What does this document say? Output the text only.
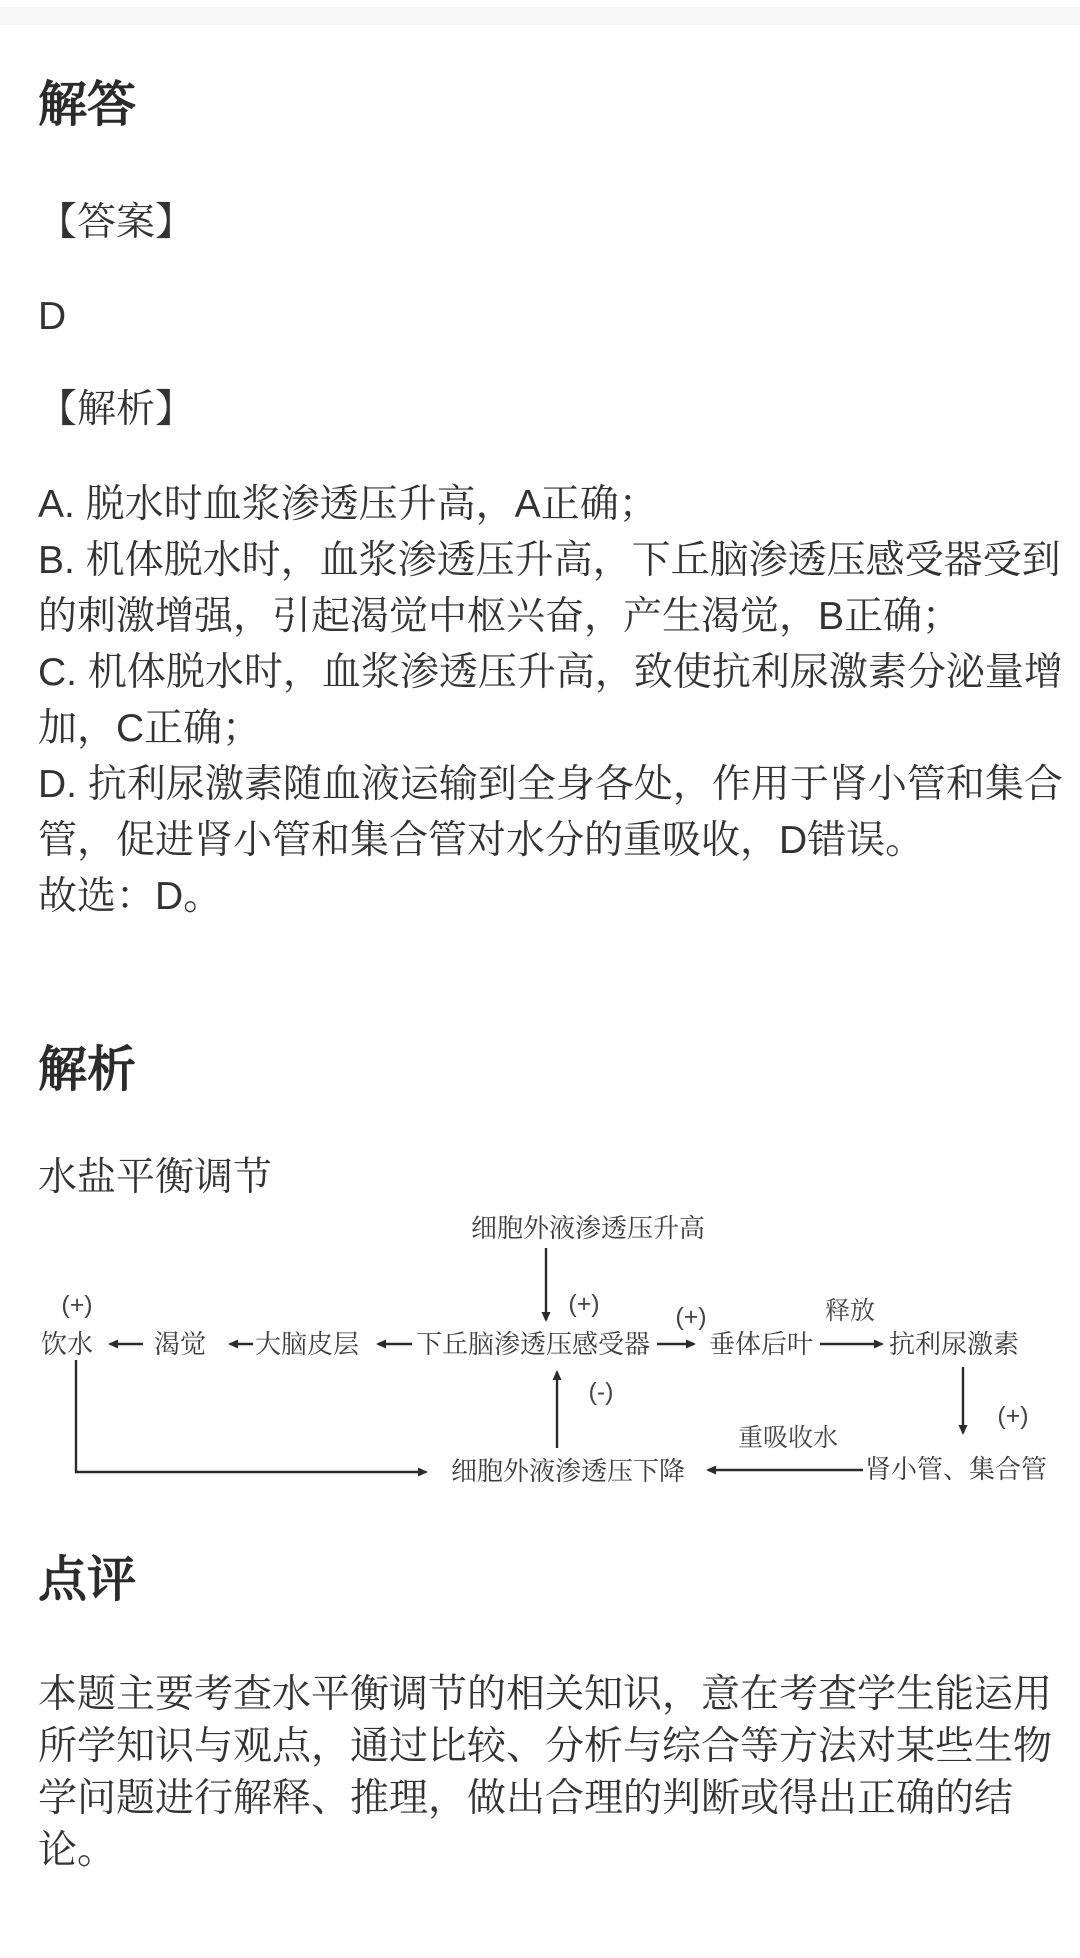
解答
【答案】
D
【解析】
A. 脱水时血浆渗透压升高，A正确；
B. 机体脱水时，血浆渗透压升高，下丘脑渗透压感受器受到
的刺激增强，引起渴觉中枢兴奋，产生渴觉，B正确；
C. 机体脱水时，血浆渗透压升高，致使抗利尿激素分泌量增
加，C正确；
D. 抗利尿激素随血液运输到全身各处，作用于肾小管和集合
管，促进肾小管和集合管对水分的重吸收，D错误。
故选：D。
解析
水盐平衡调节
细胞外液渗透压升高
饮水 渴觉 大脑皮层 下丘脑渗透压感受器 垂体后叶	抗利尿激素
细胞外液渗透压下降	肾小管、集合管
(+)	(+)	(+)	释放
(-)
(+)
重吸收水
点评
本题主要考查水平衡调节的相关知识，意在考查学生能运用
所学知识与观点，通过比较、分析与综合等方法对某些生物
学问题进行解释、推理，做出合理的判断或得出正确的结
论。
